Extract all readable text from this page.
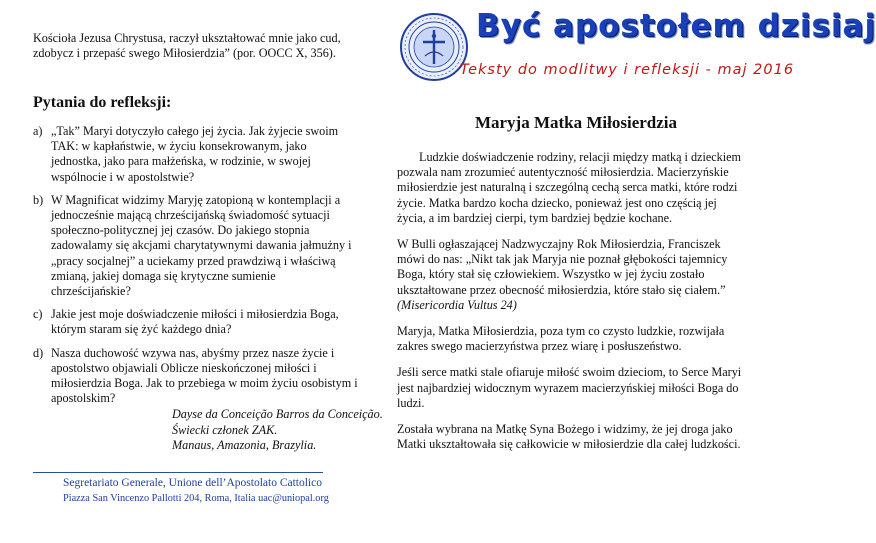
Kościoła Jezusa Chrystusa, raczył ukształtować mnie jako cud, zdobycz i przepaść swego Miłosierdzia” (por. OOCC X, 356).
Pytania do refleksji:
a) „Tak” Maryi dotyczyło całego jej życia. Jak żyjecie swoim TAK: w kapłaństwie, w życiu konsekrowanym, jako jednostka, jako para małżeńska, w rodzinie, w swojej wspólnocie i w apostolstwie?
b) W Magnificat widzimy Maryję zatopioną w kontemplacji a jednocześnie mającą chrześcijańską świadomość sytuacji społeczno-politycznej jej czasów. Do jakiego stopnia zadowalamy się akcjami charytatywnymi dawania jałmużny i „pracy socjalnej” a uciekamy przed prawdziwą i właściwą zmianą, jakiej domaga się krytyczne sumienie chrześcijańskie?
c) Jakie jest moje doświadczenie miłości i miłosierdzia Boga, którym staram się żyć każdego dnia?
d) Nasza duchowość wzywa nas, abyśmy przez nasze życie i apostolstwo objawiali Oblicze nieskończonej miłości i miłosierdzia Boga. Jak to przebiega w moim życiu osobistym i apostolskim?
Dayse da Conceição Barros da Conceição.
Świecki członek ZAK.
Manaus, Amazonia, Brazylia.
Segretariato Generale, Unione dell’Apostolato Cattolico
Piazza San Vincenzo Pallotti 204, Roma, Italia uac@uniopal.org
Być apostołem dzisiaj
Teksty do modlitwy i refleksji - maj 2016
Maryja Matka Miłosierdzia

Ludzkie doświadczenie rodziny, relacji między matką i dzieckiem pozwala nam zrozumieć autentyczność miłosierdzia. Macierzyńskie miłosierdzie jest naturalną i szczególną cechą serca matki, które rodzi życie. Matka bardzo kocha dziecko, ponieważ jest ono częścią jej życia, a im bardziej cierpi, tym bardziej będzie kochane.

W Bulli ogłaszającej Nadzwyczajny Rok Miłosierdzia, Franciszek mówi do nas: „Nikt tak jak Maryja nie poznał głębokości tajemnicy Boga, który stał się człowiekiem. Wszystko w jej życiu zostało ukształtowane przez obecność miłosierdzia, które stało się ciałem.” (Misericordia Vultus 24)

Maryja, Matka Miłosierdzia, poza tym co czysto ludzkie, rozwijała zakres swego macierzyństwa przez wiarę i posłuszeństwo.

Jeśli serce matki stale ofiaruje miłość swoim dzieciom, to Serce Maryi jest najbardziej widocznym wyrazem macierzyńskiej miłości Boga do ludzi.

Została wybrana na Matkę Syna Bożego i widzimy, że jej droga jako Matki ukształtowała się całkowicie w miłosierdzie dla całej ludzkości.
